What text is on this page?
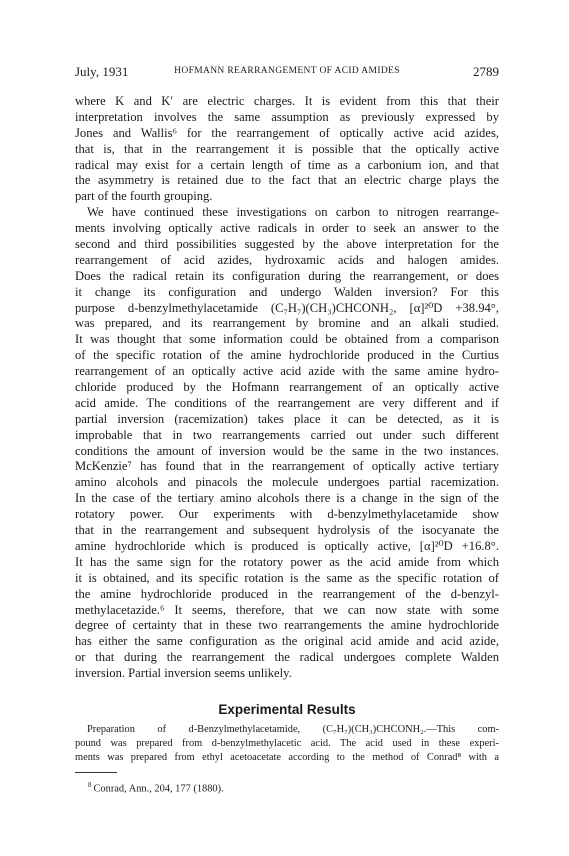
July, 1931	HOFMANN REARRANGEMENT OF ACID AMIDES	2789
where K and K′ are electric charges. It is evident from this that their
interpretation involves the same assumption as previously expressed by
Jones and Wallis⁶ for the rearrangement of optically active acid azides,
that is, that in the rearrangement it is possible that the optically active
radical may exist for a certain length of time as a carbonium ion, and that
the asymmetry is retained due to the fact that an electric charge plays the
part of the fourth grouping.
We have continued these investigations on carbon to nitrogen rearrange-
ments involving optically active radicals in order to seek an answer to the
second and third possibilities suggested by the above interpretation for the
rearrangement of acid azides, hydroxamic acids and halogen amides.
Does the radical retain its configuration during the rearrangement, or does
it change its configuration and undergo Walden inversion? For this
purpose d-benzylmethylacetamide (C₇H₇)(CH₃)CHCONH₂, [α]²⁰D +38.94°,
was prepared, and its rearrangement by bromine and an alkali studied.
It was thought that some information could be obtained from a comparison
of the specific rotation of the amine hydrochloride produced in the Curtius
rearrangement of an optically active acid azide with the same amine hydro-
chloride produced by the Hofmann rearrangement of an optically active
acid amide. The conditions of the rearrangement are very different and if
partial inversion (racemization) takes place it can be detected, as it is
improbable that in two rearrangements carried out under such different
conditions the amount of inversion would be the same in the two instances.
McKenzie⁷ has found that in the rearrangement of optically active tertiary
amino alcohols and pinacols the molecule undergoes partial racemization.
In the case of the tertiary amino alcohols there is a change in the sign of the
rotatory power. Our experiments with d-benzylmethylacetamide show
that in the rearrangement and subsequent hydrolysis of the isocyanate the
amine hydrochloride which is produced is optically active, [α]²⁰D +16.8°.
It has the same sign for the rotatory power as the acid amide from which
it is obtained, and its specific rotation is the same as the specific rotation of
the amine hydrochloride produced in the rearrangement of the d-benzyl-
methylacetazide.⁶ It seems, therefore, that we can now state with some
degree of certainty that in these two rearrangements the amine hydrochloride
has either the same configuration as the original acid amide and acid azide,
or that during the rearrangement the radical undergoes complete Walden
inversion. Partial inversion seems unlikely.
Experimental Results
Preparation of d-Benzylmethylacetamide, (C₇H₇)(CH₃)CHCONH₂.—This com-
pound was prepared from d-benzylmethylacetic acid. The acid used in these experi-
ments was prepared from ethyl acetoacetate according to the method of Conrad⁸ with a
$^8$ Conrad, Ann., 204, 177 (1880).
